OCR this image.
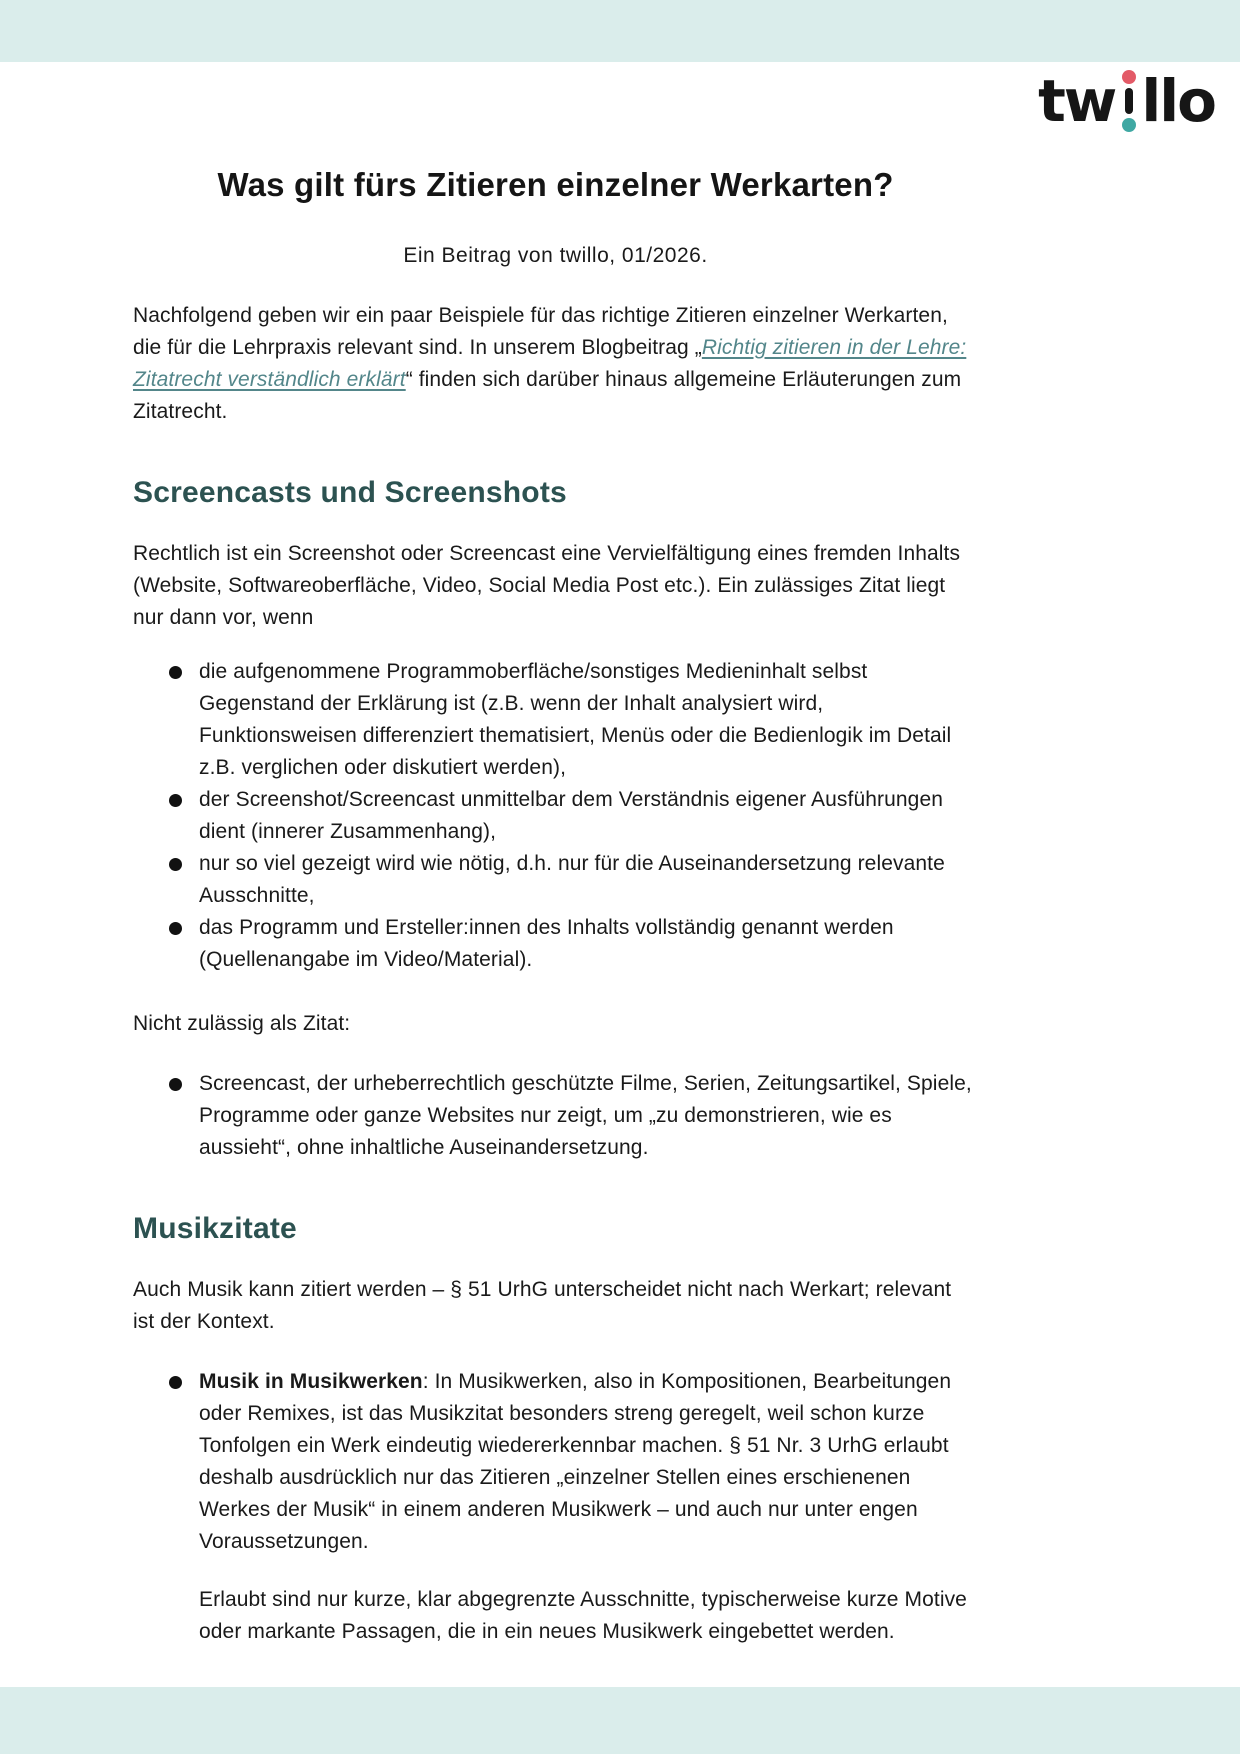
tw llo
Was gilt fürs Zitieren einzelner Werkarten?

Ein Beitrag von twillo, 01/2026.

Nachfolgend geben wir ein paar Beispiele für das richtige Zitieren einzelner Werkarten, die für die Lehrpraxis relevant sind. In unserem Blogbeitrag „Richtig zitieren in der Lehre: Zitatrecht verständlich erklärt“ finden sich darüber hinaus allgemeine Erläuterungen zum Zitatrecht.

Screencasts und Screenshots

Rechtlich ist ein Screenshot oder Screencast eine Vervielfältigung eines fremden Inhalts (Website, Softwareoberfläche, Video, Social Media Post etc.). Ein zulässiges Zitat liegt nur dann vor, wenn

die aufgenommene Programmoberfläche/sonstiges Medieninhalt selbst Gegenstand der Erklärung ist (z.B. wenn der Inhalt analysiert wird, Funktionsweisen differenziert thematisiert, Menüs oder die Bedienlogik im Detail z.B. verglichen oder diskutiert werden),
der Screenshot/Screencast unmittelbar dem Verständnis eigener Ausführungen dient (innerer Zusammenhang),
nur so viel gezeigt wird wie nötig, d.h. nur für die Auseinandersetzung relevante Ausschnitte,
das Programm und Ersteller:innen des Inhalts vollständig genannt werden (Quellenangabe im Video/Material).

Nicht zulässig als Zitat:

Screencast, der urheberrechtlich geschützte Filme, Serien, Zeitungsartikel, Spiele, Programme oder ganze Websites nur zeigt, um „zu demonstrieren, wie es aussieht“, ohne inhaltliche Auseinandersetzung.
Musikzitate

Auch Musik kann zitiert werden – § 51 UrhG unterscheidet nicht nach Werkart; relevant ist der Kontext.

Musik in Musikwerken: In Musikwerken, also in Kompositionen, Bearbeitungen oder Remixes, ist das Musikzitat besonders streng geregelt, weil schon kurze Tonfolgen ein Werk eindeutig wiedererkennbar machen. § 51 Nr. 3 UrhG erlaubt deshalb ausdrücklich nur das Zitieren „einzelner Stellen eines erschienenen Werkes der Musik“ in einem anderen Musikwerk – und auch nur unter engen Voraussetzungen.

Erlaubt sind nur kurze, klar abgegrenzte Ausschnitte, typischerweise kurze Motive oder markante Passagen, die in ein neues Musikwerk eingebettet werden.
